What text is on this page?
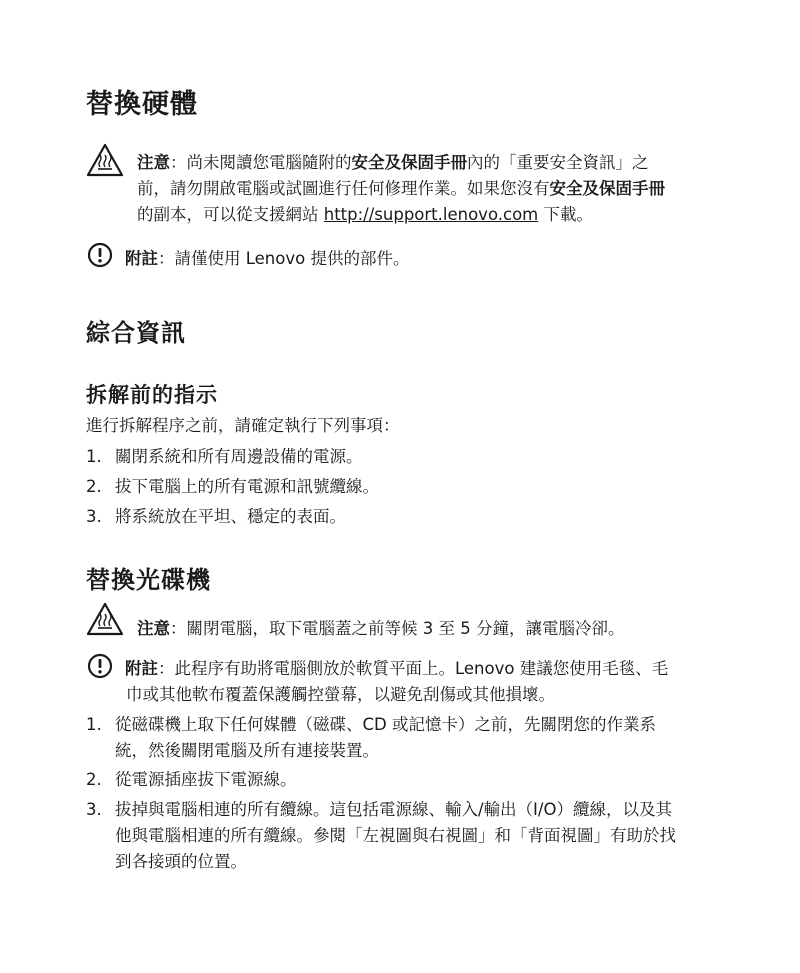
替換硬體
注意：尚未閱讀您電腦隨附的安全及保固手冊內的「重要安全資訊」之
前，請勿開啟電腦或試圖進行任何修理作業。如果您沒有安全及保固手冊
的副本，可以從支援網站 http://support.lenovo.com 下載。
附註：請僅使用 Lenovo 提供的部件。
綜合資訊
拆解前的指示

進行拆解程序之前，請確定執行下列事項：

1. 關閉系統和所有周邊設備的電源。
2. 拔下電腦上的所有電源和訊號纜線。
3. 將系統放在平坦、穩定的表面。
替換光碟機
注意：關閉電腦，取下電腦蓋之前等候 3 至 5 分鐘，讓電腦冷卻。
附註：此程序有助將電腦側放於軟質平面上。Lenovo 建議您使用毛毯、毛
巾或其他軟布覆蓋保護觸控螢幕，以避免刮傷或其他損壞。
1. 從磁碟機上取下任何媒體（磁碟、CD 或記憶卡）之前，先關閉您的作業系
統，然後關閉電腦及所有連接裝置。
2. 從電源插座拔下電源線。
3. 拔掉與電腦相連的所有纜線。這包括電源線、輸入/輸出（I/O）纜線，以及其
他與電腦相連的所有纜線。參閱「左視圖與右視圖」和「背面視圖」有助於找
到各接頭的位置。
